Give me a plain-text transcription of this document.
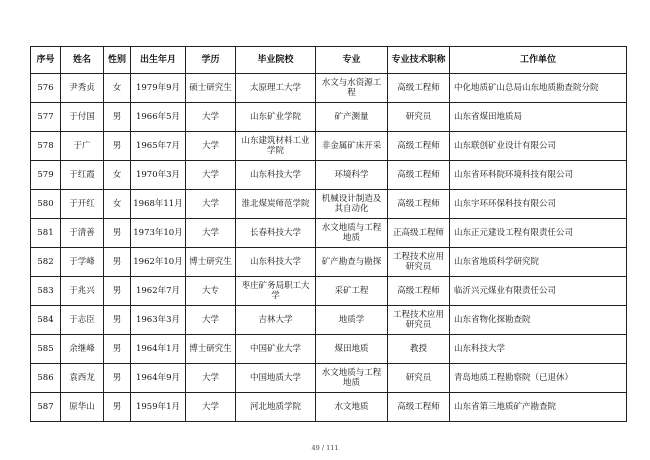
序号	姓名	性别	出生年月	学历	毕业院校	专业	专业技术职称	工作单位
576	尹秀贞	女	1979年9月	硕士研究生	太原理工大学	水文与水资源工程	高级工程师	中化地质矿山总局山东地质勘查院分院
577	于付国	男	1966年5月	大学	山东矿业学院	矿产测量	研究员	山东省煤田地质局
578	于广	男	1965年7月	大学	山东建筑材料工业学院	非金属矿床开采	高级工程师	山东联创矿业设计有限公司
579	于红霞	女	1970年3月	大学	山东科技大学	环境科学	高级工程师	山东省环科院环境科技有限公司
580	于开红	女	1968年11月	大学	淮北煤炭师范学院	机械设计制造及其自动化	高级工程师	山东宇环环保科技有限公司
581	于清善	男	1973年10月	大学	长春科技大学	水文地质与工程地质	正高级工程师	山东正元建设工程有限责任公司
582	于学峰	男	1962年10月	博士研究生	山东科技大学	矿产勘查与勘探	工程技术应用研究员	山东省地质科学研究院
583	于兆兴	男	1962年7月	大专	枣庄矿务局职工大学	采矿工程	高级工程师	临沂兴元煤业有限责任公司
584	于志臣	男	1963年3月	大学	吉林大学	地质学	工程技术应用研究员	山东省物化探勘查院
585	余继峰	男	1964年1月	博士研究生	中国矿业大学	煤田地质	教授	山东科技大学
586	袁西龙	男	1964年9月	大学	中国地质大学	水文地质与工程地质	研究员	青岛地质工程勘察院（已退休）
587	原华山	男	1959年1月	大学	河北地质学院	水文地质	高级工程师	山东省第三地质矿产勘查院
49 / 111
